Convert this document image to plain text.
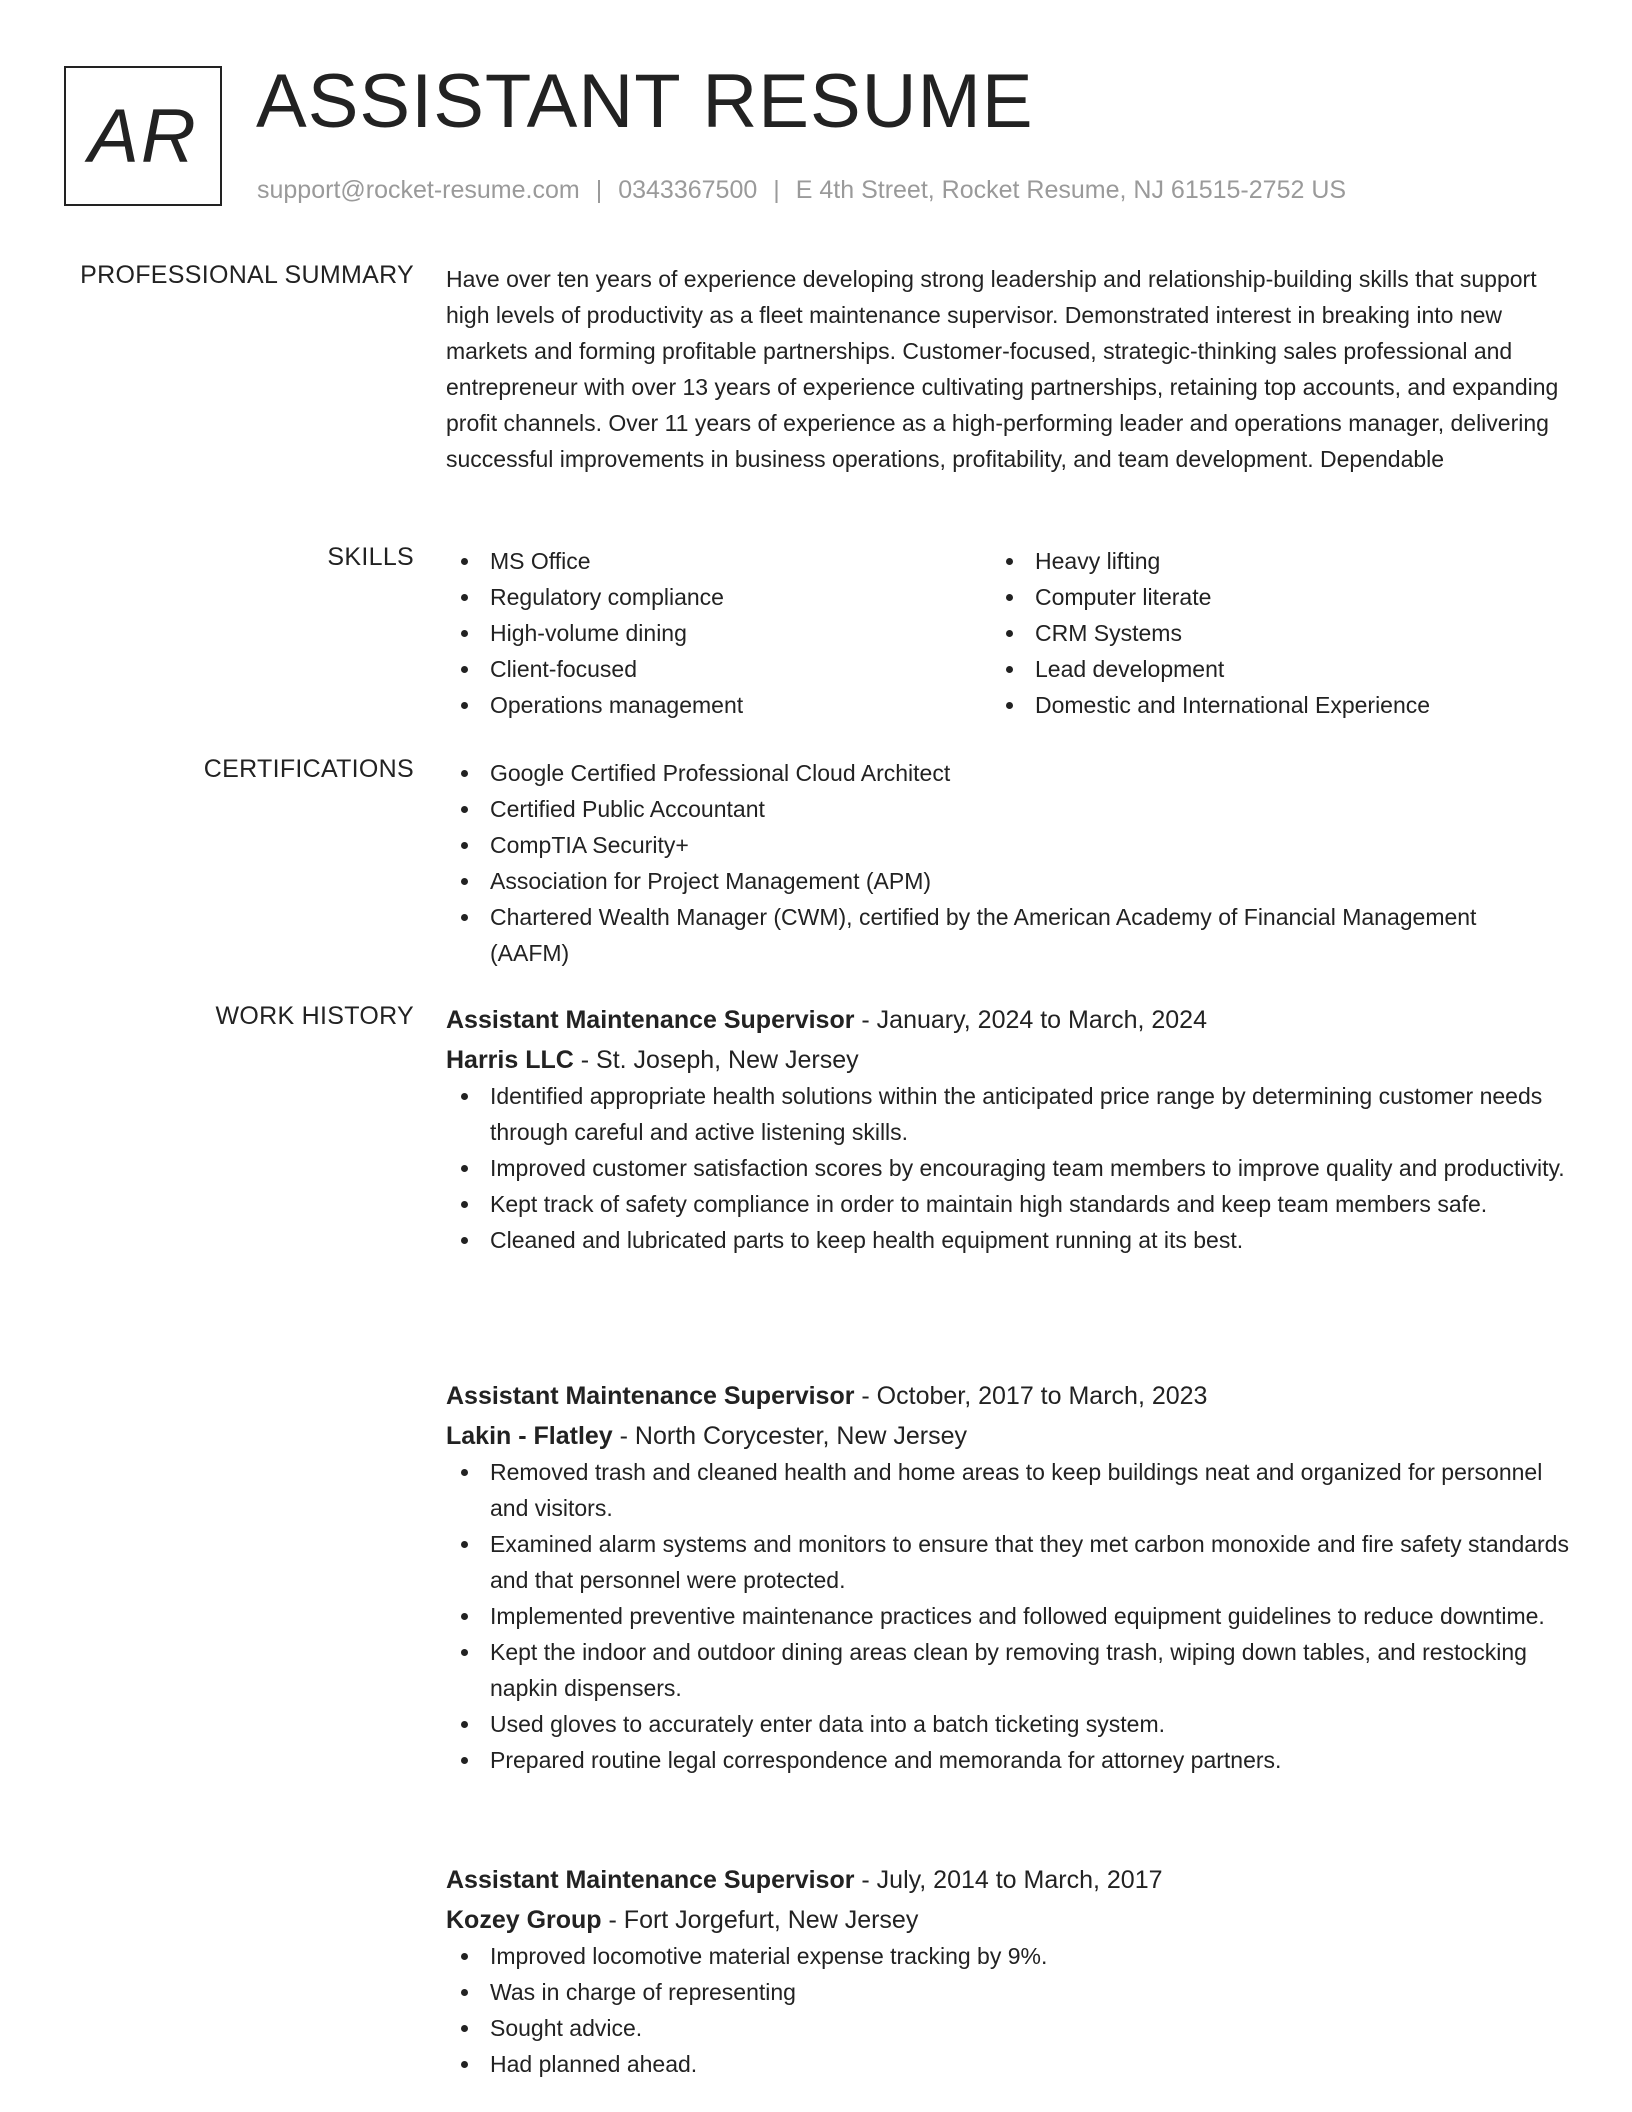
AR ASSISTANT RESUME
support@rocket-resume.com | 0343367500 | E 4th Street, Rocket Resume, NJ 61515-2752 US
PROFESSIONAL SUMMARY Have over ten years of experience developing strong leadership and relationship-building skills that support high levels of productivity as a fleet maintenance supervisor. Demonstrated interest in breaking into new markets and forming profitable partnerships. Customer-focused, strategic-thinking sales professional and entrepreneur with over 13 years of experience cultivating partnerships, retaining top accounts, and expanding profit channels. Over 11 years of experience as a high-performing leader and operations manager, delivering successful improvements in business operations, profitability, and team development. Dependable
SKILLS	MS Office
Regulatory compliance
High-volume dining
Client-focused
Operations management
Heavy lifting
Computer literate
CRM Systems
Lead development
Domestic and International Experience
CERTIFICATIONS	Google Certified Professional Cloud Architect
Certified Public Accountant
CompTIA Security+
Association for Project Management (APM)
Chartered Wealth Manager (CWM), certified by the American Academy of Financial Management (AAFM)
WORK HISTORY Assistant Maintenance Supervisor - January, 2024 to March, 2024
Harris LLC - St. Joseph, New Jersey
Identified appropriate health solutions within the anticipated price range by determining customer needs through careful and active listening skills.
Improved customer satisfaction scores by encouraging team members to improve quality and productivity.
Kept track of safety compliance in order to maintain high standards and keep team members safe.
Cleaned and lubricated parts to keep health equipment running at its best.
Assistant Maintenance Supervisor - October, 2017 to March, 2023
Lakin - Flatley - North Corycester, New Jersey
Removed trash and cleaned health and home areas to keep buildings neat and organized for personnel and visitors.
Examined alarm systems and monitors to ensure that they met carbon monoxide and fire safety standards and that personnel were protected.
Implemented preventive maintenance practices and followed equipment guidelines to reduce downtime.
Kept the indoor and outdoor dining areas clean by removing trash, wiping down tables, and restocking napkin dispensers.
Used gloves to accurately enter data into a batch ticketing system.
Prepared routine legal correspondence and memoranda for attorney partners.
Assistant Maintenance Supervisor - July, 2014 to March, 2017
Kozey Group - Fort Jorgefurt, New Jersey
Improved locomotive material expense tracking by 9%.
Was in charge of representing
Sought advice.
Had planned ahead.
